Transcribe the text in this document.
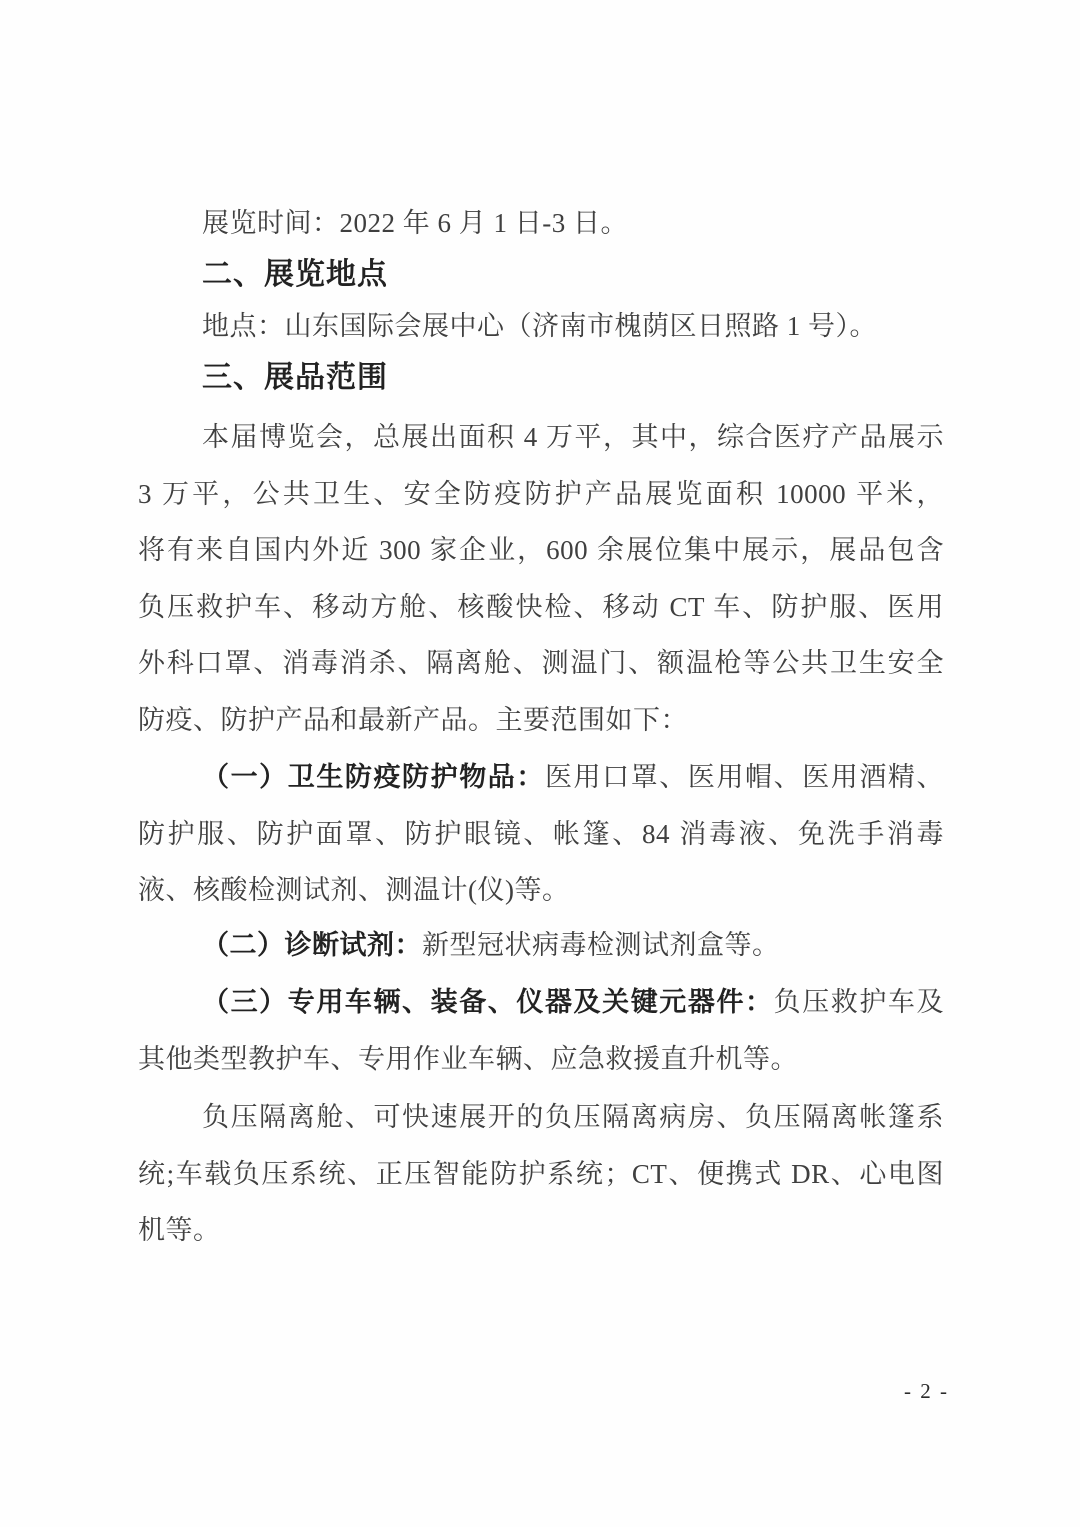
展览时间：2022 年 6 月 1 日-3 日。
二、展览地点
地点：山东国际会展中心（济南市槐荫区日照路 1 号）。
三、展品范围
本届博览会，总展出面积 4 万平，其中，综合医疗产品展示
3 万平，公共卫生、安全防疫防护产品展览面积 10000 平米，
将有来自国内外近 300 家企业，600 余展位集中展示，展品包含
负压救护车、移动方舱、核酸快检、移动 CT 车、防护服、医用
外科口罩、消毒消杀、隔离舱、测温门、额温枪等公共卫生安全
防疫、防护产品和最新产品。主要范围如下：
（一）卫生防疫防护物品：医用口罩、医用帽、医用酒精、
防护服、防护面罩、防护眼镜、帐篷、84 消毒液、免洗手消毒
液、核酸检测试剂、测温计(仪)等。
（二）诊断试剂：新型冠状病毒检测试剂盒等。
（三）专用车辆、装备、仪器及关键元器件：负压救护车及
其他类型教护车、专用作业车辆、应急救援直升机等。
负压隔离舱、可快速展开的负压隔离病房、负压隔离帐篷系
统;车载负压系统、正压智能防护系统；CT、便携式 DR、心电图
机等。
- 2 -
